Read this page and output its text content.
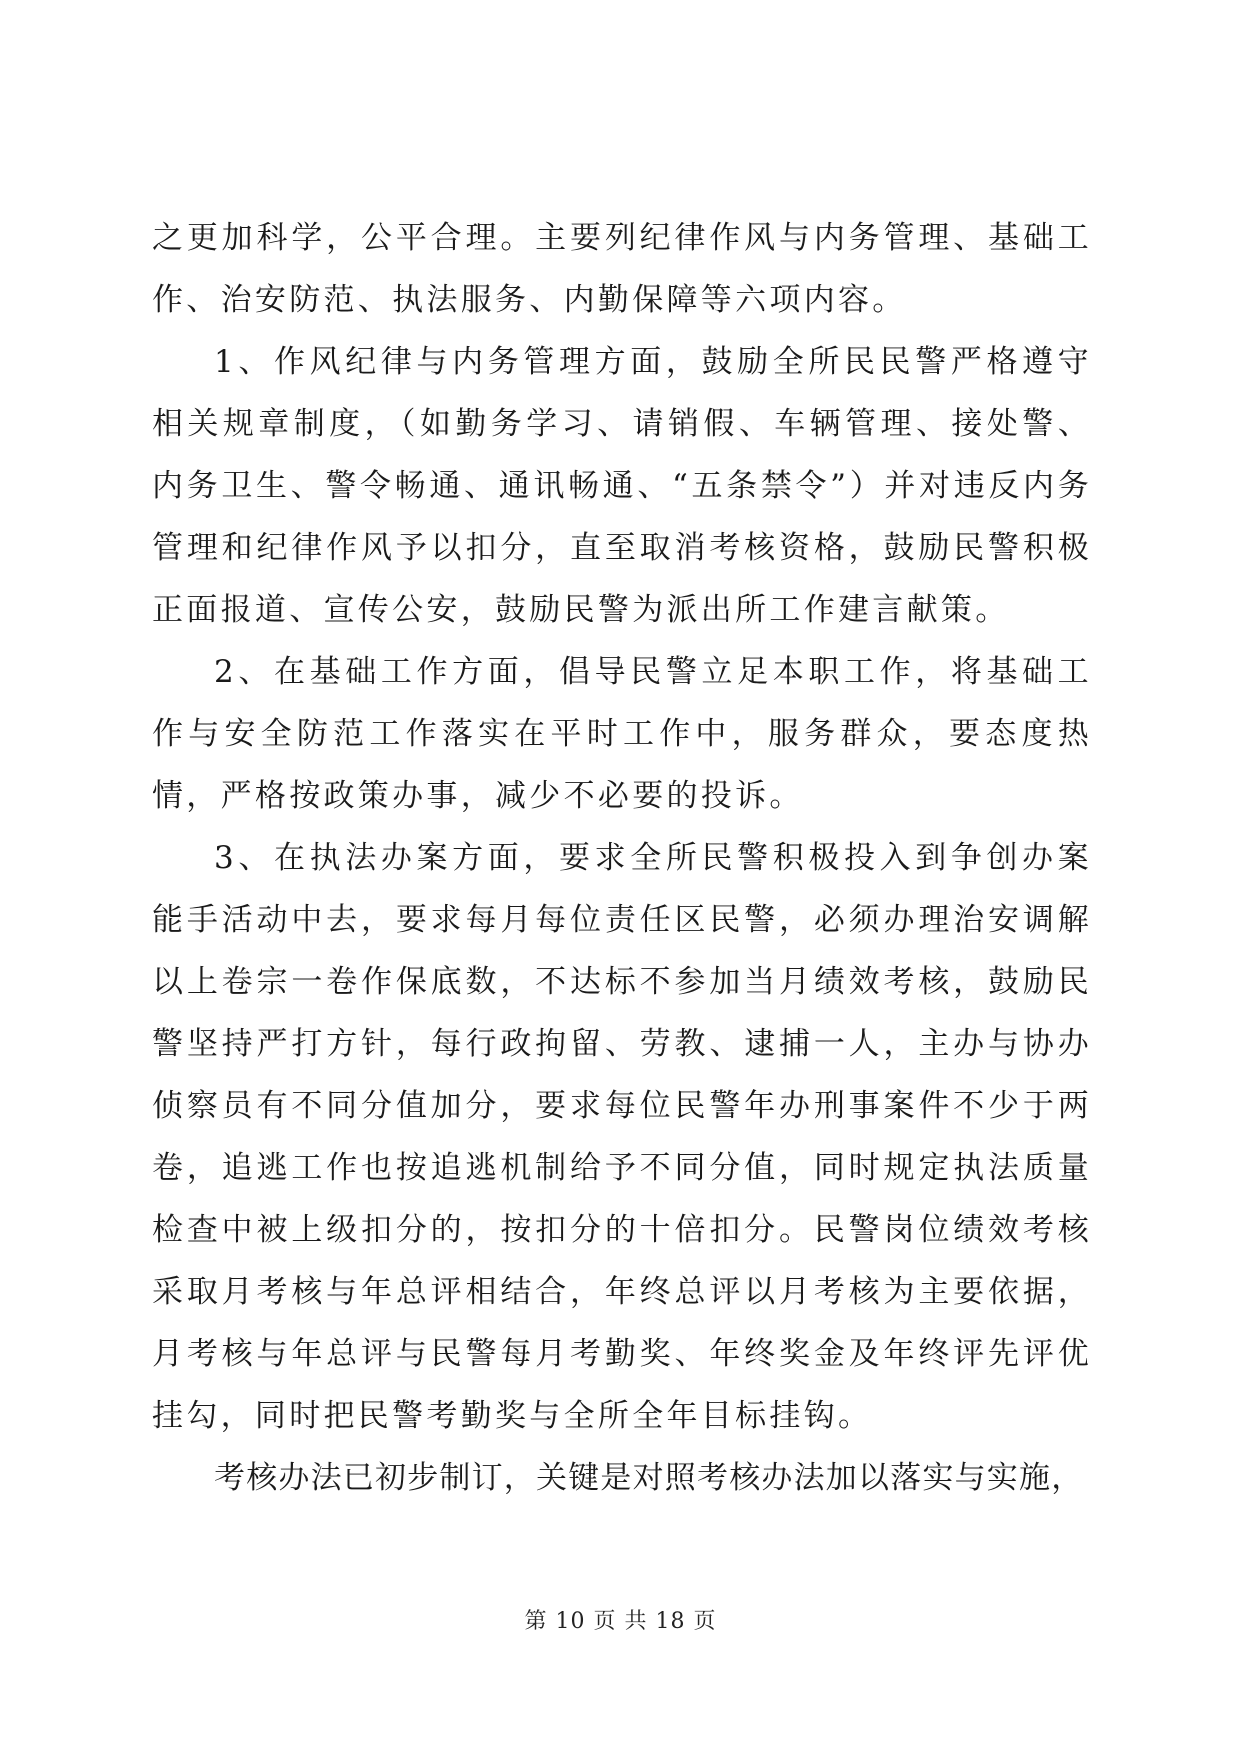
之更加科学，公平合理。主要列纪律作风与内务管理、基础工作、治安防范、执法服务、内勤保障等六项内容。

1、作风纪律与内务管理方面，鼓励全所民民警严格遵守相关规章制度，（如勤务学习、请销假、车辆管理、接处警、内务卫生、警令畅通、通讯畅通、“五条禁令”）并对违反内务管理和纪律作风予以扣分，直至取消考核资格，鼓励民警积极正面报道、宣传公安，鼓励民警为派出所工作建言献策。

2、在基础工作方面，倡导民警立足本职工作，将基础工作与安全防范工作落实在平时工作中，服务群众，要态度热情，严格按政策办事，减少不必要的投诉。

3、在执法办案方面，要求全所民警积极投入到争创办案能手活动中去，要求每月每位责任区民警，必须办理治安调解以上卷宗一卷作保底数，不达标不参加当月绩效考核，鼓励民警坚持严打方针，每行政拘留、劳教、逮捕一人，主办与协办侦察员有不同分值加分，要求每位民警年办刑事案件不少于两卷，追逃工作也按追逃机制给予不同分值，同时规定执法质量检查中被上级扣分的，按扣分的十倍扣分。民警岗位绩效考核采取月考核与年总评相结合，年终总评以月考核为主要依据，月考核与年总评与民警每月考勤奖、年终奖金及年终评先评优挂勾，同时把民警考勤奖与全所全年目标挂钩。

考核办法已初步制订，关键是对照考核办法加以落实与实施，

第 10 页 共 18 页
